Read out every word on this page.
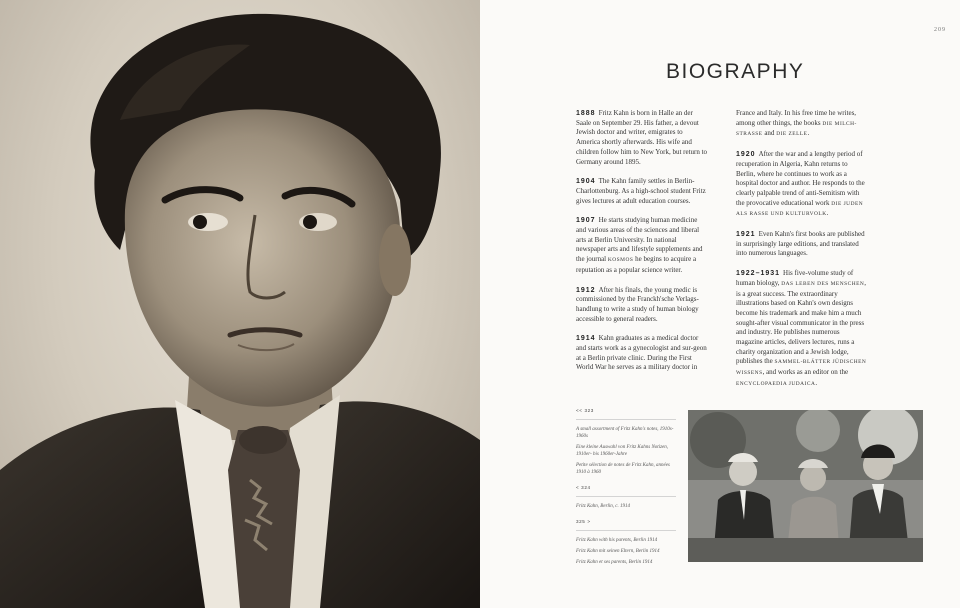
209
BIOGRAPHY

1888 Fritz Kahn is born in Halle an der Saale on September 29. His father, a devout Jewish doctor and writer, emigrates to America shortly afterwards. His wife and children follow him to New York, but return to Germany around 1895.

1904 The Kahn family settles in Berlin-Charlottenburg. As a high-school student Fritz gives lectures at adult education courses.

1907 He starts studying human medicine and various areas of the sciences and liberal arts at Berlin University. In national newspaper arts and lifestyle supplements and the journal KOSMOS he begins to acquire a reputation as a popular science writer.

1912 After his finals, the young medic is commissioned by the Franckh'sche Verlags-handlung to write a study of human biology accessible to general readers.

1914 Kahn graduates as a medical doctor and starts work as a gynecologist and sur-geon at a Berlin private clinic. During the First World War he serves as a military doctor in

France and Italy. In his free time he writes, among other things, the books DIE MILCH-STRASSE and DIE ZELLE.

1920 After the war and a lengthy period of recuperation in Algeria, Kahn returns to Berlin, where he continues to work as a hospital doctor and author. He responds to the clearly palpable trend of anti-Semitism with the provocative educational work DIE JUDEN ALS RASSE UND KULTURVOLK.

1921 Even Kahn's first books are published in surprisingly large editions, and translated into numerous languages.

1922–1931 His five-volume study of human biology, DAS LEBEN DES MENSCHEN, is a great success. The extraordinary illustrations based on Kahn's own designs become his trademark and make him a much sought-after visual communicator in the press and industry. He publishes numerous magazine articles, delivers lectures, runs a charity organization and a Jewish lodge, publishes the SAMMEL-BLÄTTER JÜDISCHEN WISSENS, and works as an editor on the ENCYCLOPAEDIA JUDAICA.

<< 323
A small assortment of Fritz Kahn's notes, 1910s-1960s
Eine kleine Auswahl von Fritz Kahns Notizen, 1910er- bis 1960er-Jahre
Petite sélection de notes de Fritz Kahn, années 1910 à 1960
< 324
Fritz Kahn, Berlin, c. 1914
325 >
Fritz Kahn with his parents, Berlin 1914
Fritz Kahn mit seinen Eltern, Berlin 1914
Fritz Kahn et ses parents, Berlin 1914
